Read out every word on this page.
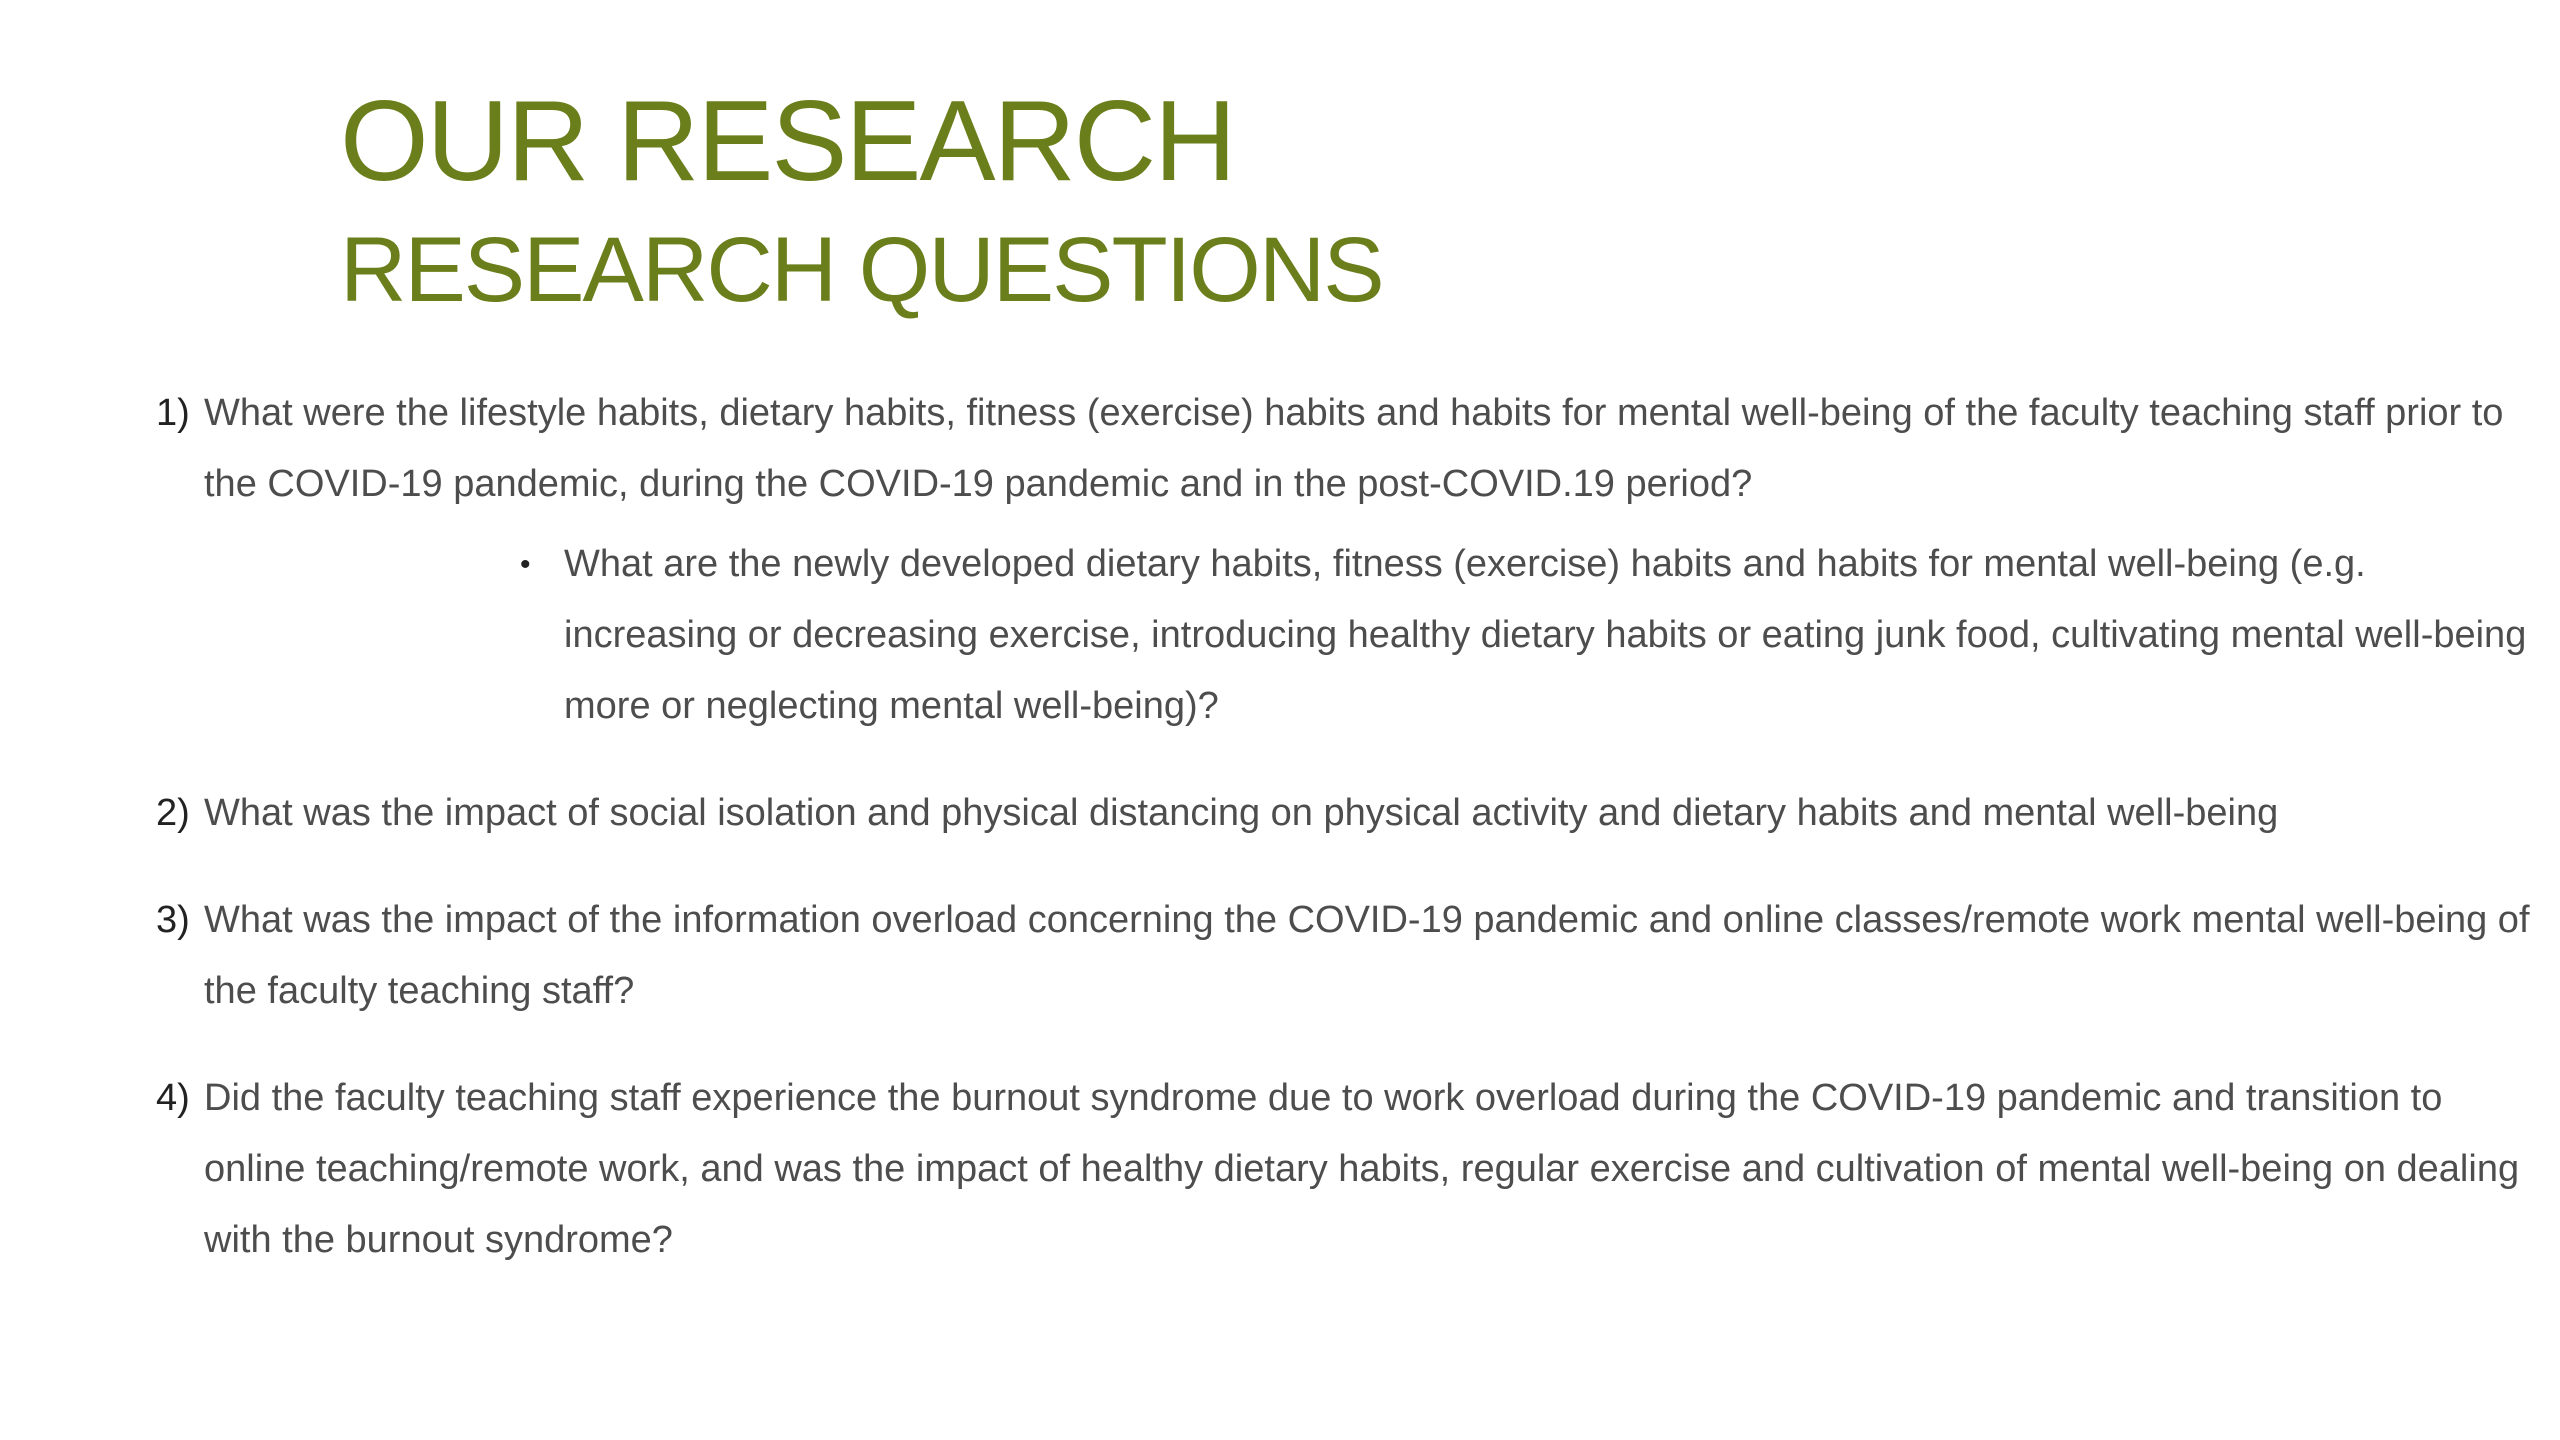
OUR RESEARCH
RESEARCH QUESTIONS
1) What were the lifestyle habits, dietary habits, fitness (exercise) habits and habits for mental well-being of the faculty teaching staff prior to the COVID-19 pandemic, during the COVID-19 pandemic and in the post-COVID.19 period?
• What are the newly developed dietary habits, fitness (exercise) habits and habits for mental well-being (e.g. increasing or decreasing exercise, introducing healthy dietary habits or eating junk food, cultivating mental well-being more or neglecting mental well-being)?
2) What was the impact of social isolation and physical distancing on physical activity and dietary habits and mental well-being
3) What was the impact of the information overload concerning the COVID-19 pandemic and online classes/remote work mental well-being of the faculty teaching staff?
4) Did the faculty teaching staff experience the burnout syndrome due to work overload during the COVID-19 pandemic and transition to online teaching/remote work, and was the impact of healthy dietary habits, regular exercise and cultivation of mental well-being on dealing with the burnout syndrome?
